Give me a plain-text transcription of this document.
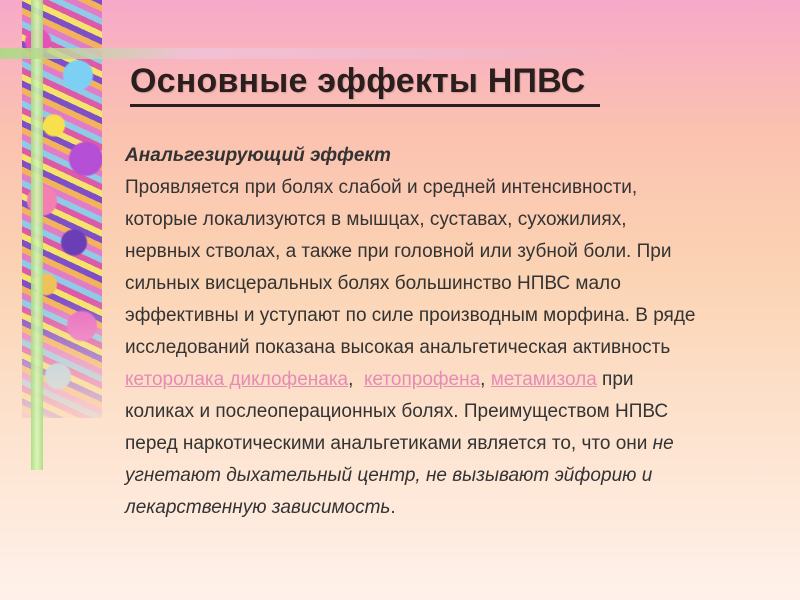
Основные эффекты НПВС
Анальгезирующий эффект
Проявляется при болях слабой и средней интенсивности,
которые локализуются в мышцах, суставах, сухожилиях,
нервных стволах, а также при головной или зубной боли. При
сильных висцеральных болях большинство НПВС мало
эффективны и уступают по силе производным морфина. В ряде
исследований показана высокая анальгетическая активность
кеторолака диклофенака,  кетопрофена, метамизола при
коликах и послеоперационных болях. Преимуществом НПВС
перед наркотическими анальгетиками является то, что они не
угнетают дыхательный центр, не вызывают эйфорию и
лекарственную зависимость.
